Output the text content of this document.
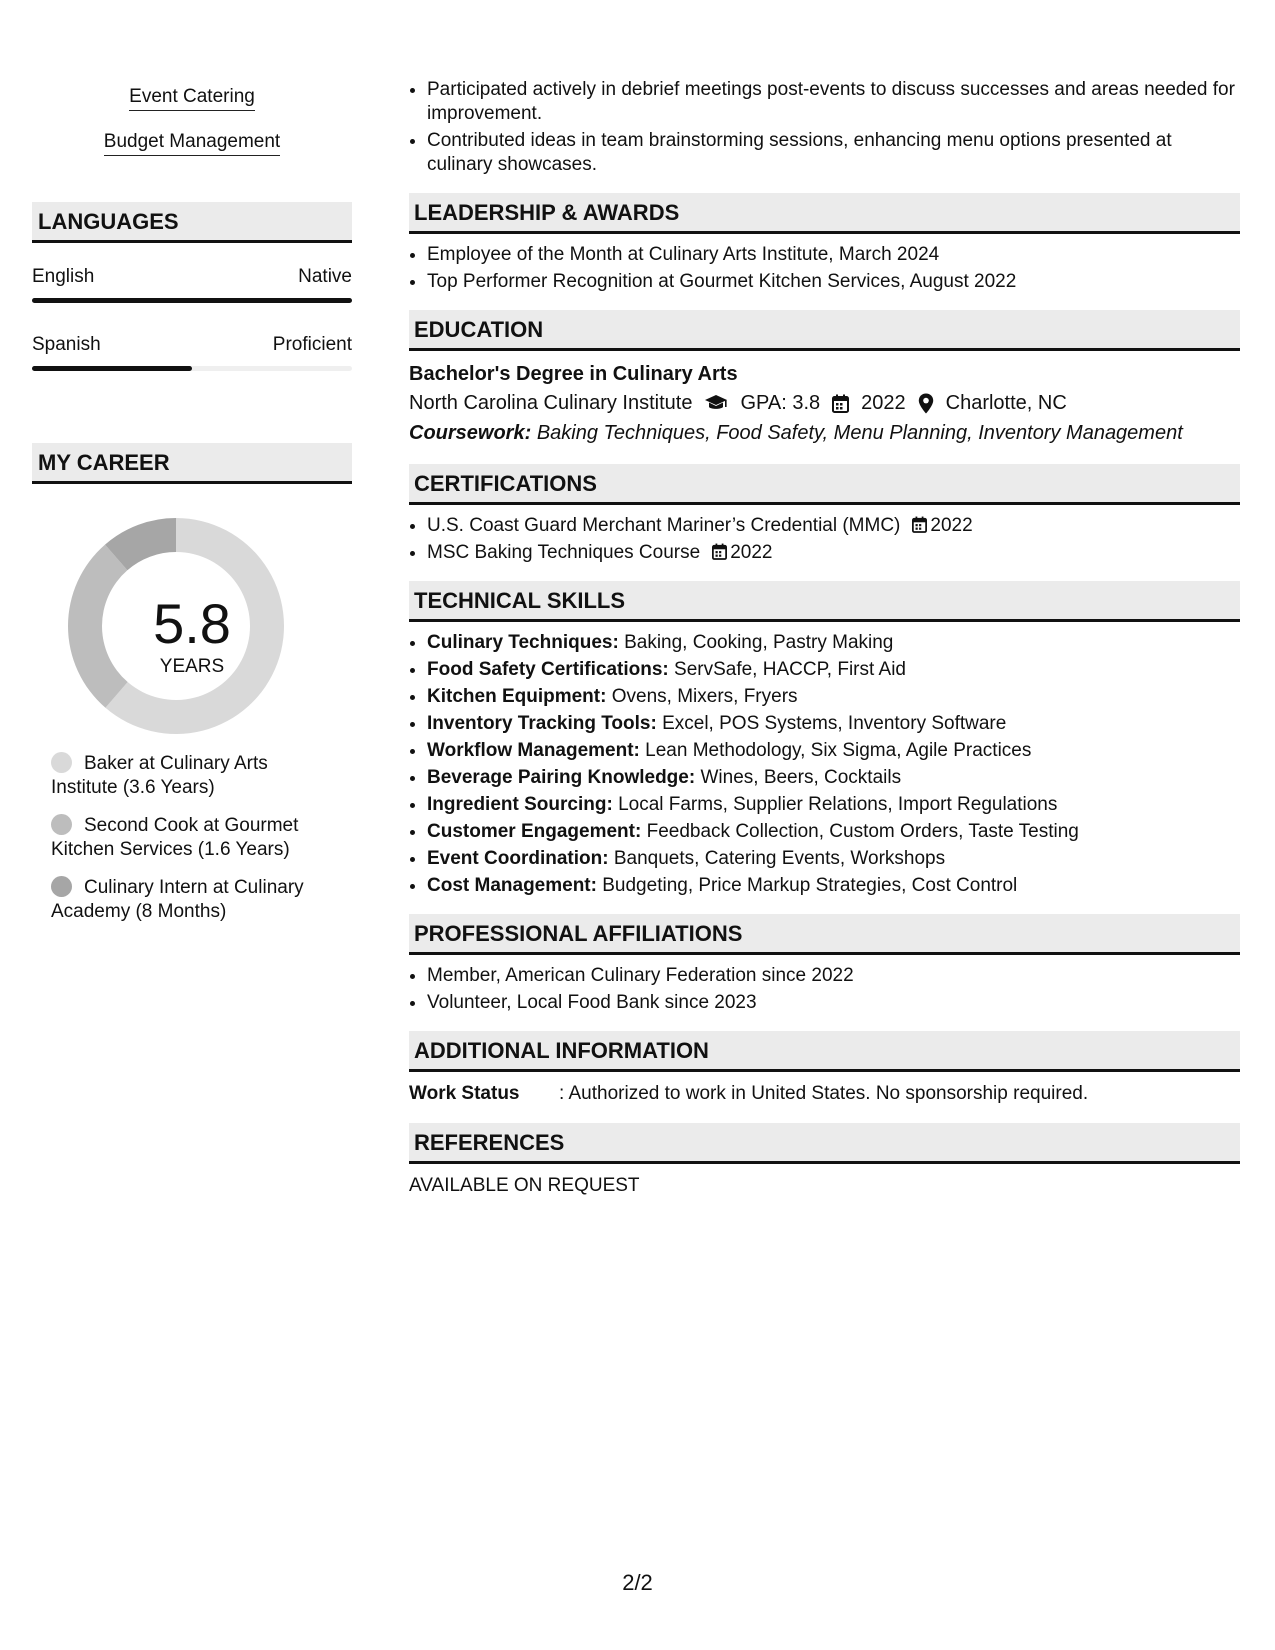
Event Catering
Budget Management
LANGUAGES
English	Native
Spanish	Proficient
MY CAREER
5.8
YEARS
Baker at Culinary Arts Institute (3.6 Years)
Second Cook at Gourmet Kitchen Services (1.6 Years)
Culinary Intern at Culinary Academy (8 Months)
• Participated actively in debrief meetings post-events to discuss successes and areas needed for improvement.
• Contributed ideas in team brainstorming sessions, enhancing menu options presented at culinary showcases.
LEADERSHIP & AWARDS
• Employee of the Month at Culinary Arts Institute, March 2024
• Top Performer Recognition at Gourmet Kitchen Services, August 2022
EDUCATION
Bachelor's Degree in Culinary Arts
North Carolina Culinary Institute GPA: 3.8 2022 Charlotte, NC
Coursework: Baking Techniques, Food Safety, Menu Planning, Inventory Management
CERTIFICATIONS
• U.S. Coast Guard Merchant Mariner’s Credential (MMC) 2022
• MSC Baking Techniques Course 2022
TECHNICAL SKILLS
• Culinary Techniques: Baking, Cooking, Pastry Making
• Food Safety Certifications: ServSafe, HACCP, First Aid
• Kitchen Equipment: Ovens, Mixers, Fryers
• Inventory Tracking Tools: Excel, POS Systems, Inventory Software
• Workflow Management: Lean Methodology, Six Sigma, Agile Practices
• Beverage Pairing Knowledge: Wines, Beers, Cocktails
• Ingredient Sourcing: Local Farms, Supplier Relations, Import Regulations
• Customer Engagement: Feedback Collection, Custom Orders, Taste Testing
• Event Coordination: Banquets, Catering Events, Workshops
• Cost Management: Budgeting, Price Markup Strategies, Cost Control
PROFESSIONAL AFFILIATIONS
• Member, American Culinary Federation since 2022
• Volunteer, Local Food Bank since 2023
ADDITIONAL INFORMATION
Work Status	: Authorized to work in United States. No sponsorship required.
REFERENCES
AVAILABLE ON REQUEST
2/2
